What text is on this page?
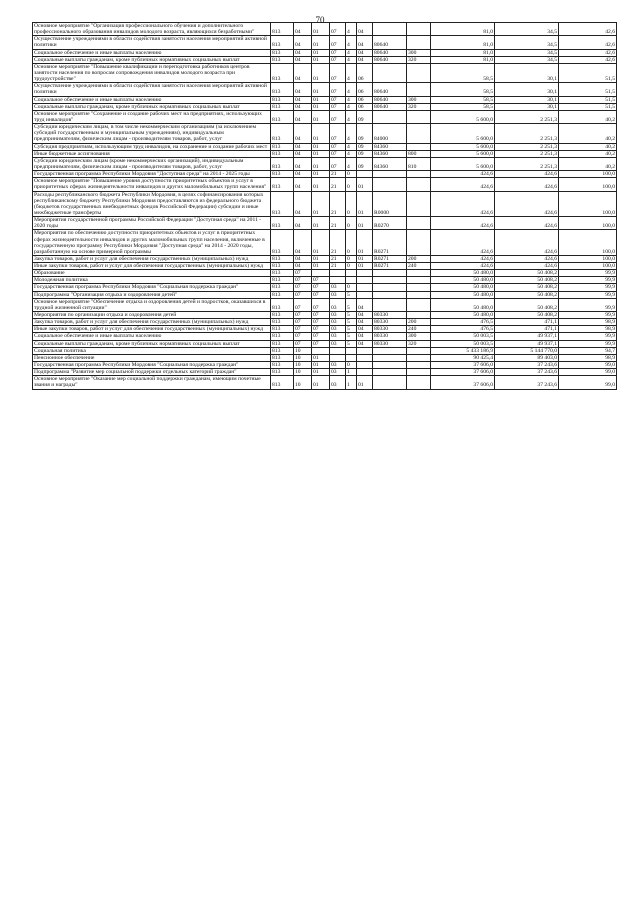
70
Основное мероприятие "Организация профессионального обучения и дополнительного профессионального образования инвалидов молодого возраста, являющихся безработными"	813	04	01	07	4	04			81,0	34,5	42,6
Осуществление учреждениями в области содействия занятости населения мероприятий активной политики	813	04	01	07	4	04	80640		81,0	34,5	42,6
Социальное обеспечение и иные выплаты населению	813	04	01	07	4	04	80640	300	81,0	34,5	42,6
Социальные выплаты гражданам, кроме публичных нормативных социальных выплат	813	04	01	07	4	04	80640	320	81,0	34,5	42,6
Основное мероприятие "Повышение квалификации и переподготовка работников центров занятости населения по вопросам сопровождения инвалидов молодого возраста при трудоустройстве"	813	04	01	07	4	06			58,5	30,1	51,5
Осуществление учреждениями в области содействия занятости населения мероприятий активной политики	813	04	01	07	4	06	80640		58,5	30,1	51,5
Социальное обеспечение и иные выплаты населению	813	04	01	07	4	06	80640	300	58,5	30,1	51,5
Социальные выплаты гражданам, кроме публичных нормативных социальных выплат	813	04	01	07	4	06	80640	320	58,5	30,1	51,5
Основное мероприятие "Сохранение и создание рабочих мест на предприятиях, использующих труд инвалидов"	813	04	01	07	4	09			5 600,0	2 251,3	40,2
Субсидии юридическим лицам, в том числе некоммерческим организациям (за исключением субсидий государственным и муниципальным учреждениям), индивидуальным предпринимателям, физическим лицам - производителям товаров, работ, услуг	813	04	01	07	4	09	84000		5 600,0	2 251,3	40,2
Субсидия предприятиям, использующим труд инвалидов, на сохранение и создание рабочих мест	813	04	01	07	4	09	84360		5 600,0	2 251,3	40,2
Иные бюджетные ассигнования	813	04	01	07	4	09	84360	800	5 600,0	2 251,3	40,2
Субсидии юридическим лицам (кроме некоммерческих организаций), индивидуальным предпринимателям, физическим лицам - производителям товаров, работ, услуг	813	04	01	07	4	09	84360	810	5 600,0	2 251,3	40,2
Государственная программа Республики Мордовия "Доступная среда" на 2014 - 2025 годы	813	04	01	21	0				424,6	424,6	100,0
Основное мероприятие "Повышение уровня доступности приоритетных объектов и услуг в приоритетных сферах жизнедеятельности инвалидов и других маломобильных групп населения"	813	04	01	21	0	01			424,6	424,6	100,0
Расходы республиканского бюджета Республики Мордовия, в целях софинансирования которых республиканскому бюджету Республики Мордовия предоставляются из федерального бюджета (бюджетов государственных внебюджетных фондов Российской Федерации) субсидии и иные межбюджетные трансферты	813	04	01	21	0	01	R0000		424,6	424,6	100,0
Мероприятия государственной программы Российской Федерации "Доступная среда" на 2011 - 2020 годы	813	04	01	21	0	01	R0270		424,6	424,6	100,0
Мероприятия по обеспечению доступности приоритетных объектов и услуг в приоритетных сферах жизнедеятельности инвалидов и других маломобильных групп населения, включенные в государственную программу Республики Мордовия "Доступная среда" на 2014 - 2020 годы, разработанную на основе примерной программы	813	04	01	21	0	01	R0271		424,6	424,6	100,0
Закупка товаров, работ и услуг для обеспечения государственных (муниципальных) нужд	813	04	01	21	0	01	R0271	200	424,6	424,6	100,0
Иные закупки товаров, работ и услуг для обеспечения государственных (муниципальных) нужд	813	04	01	21	0	01	R0271	240	424,6	424,6	100,0
Образование	813	07							50 480,0	50 408,2	99,9
Молодежная политика	813	07	07						50 480,0	50 408,2	99,9
Государственная программа Республики Мордовия "Социальная поддержка граждан"	813	07	07	03	0				50 480,0	50 408,2	99,9
Подпрограмма "Организация отдыха и оздоровления детей"	813	07	07	03	5				50 480,0	50 408,2	99,9
Основное мероприятие "Обеспечение отдыха и оздоровления детей и подростков, оказавшихся в трудной жизненной ситуации"	813	07	07	03	5	04			50 480,0	50 408,2	99,9
Мероприятия по организации отдыха и оздоровления детей	813	07	07	03	5	04	80330		50 480,0	50 408,2	99,9
Закупка товаров, работ и услуг для обеспечения государственных (муниципальных) нужд	813	07	07	03	5	04	80330	200	476,5	471,1	98,9
Иные закупки товаров, работ и услуг для обеспечения государственных (муниципальных) нужд	813	07	07	03	5	04	80330	240	476,5	471,1	98,9
Социальное обеспечение и иные выплаты населению	813	07	07	03	5	04	80330	300	50 003,5	49 937,1	99,9
Социальные выплаты гражданам, кроме публичных нормативных социальных выплат	813	07	07	03	5	04	80330	320	50 003,5	49 937,1	99,9
Социальная политика	813	10							5 433 186,9	5 144 770,0	94,7
Пенсионное обеспечение	813	10	01						90 425,4	89 403,0	98,9
Государственная программа Республики Мордовия "Социальная поддержка граждан"	813	10	01	03	0				37 606,0	37 243,6	99,0
Подпрограмма "Развитие мер социальной поддержки отдельных категорий граждан"	813	10	01	03	1				37 606,0	37 243,6	99,0
Основное мероприятие "Оказание мер социальной поддержки гражданам, имеющим почетные звания и награды"	813	10	01	03	1	01			37 606,0	37 243,6	99,0
